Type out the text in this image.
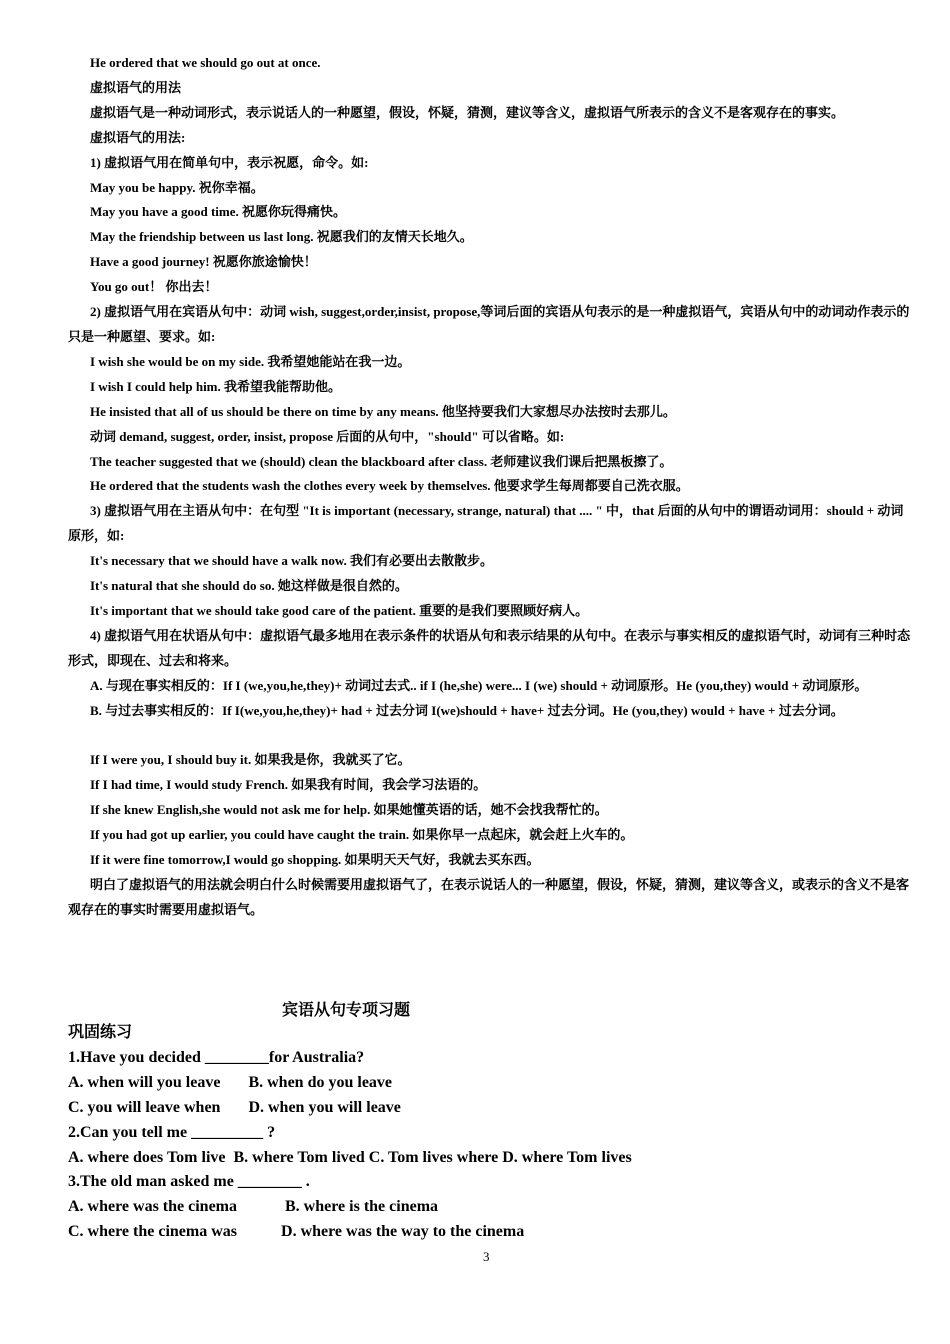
He ordered that we should go out at once.

虚拟语气的用法

虚拟语气是一种动词形式，表示说话人的一种愿望，假设，怀疑，猜测，建议等含义，虚拟语气所表示的含义不是客观存在的事实。

虚拟语气的用法:

1) 虚拟语气用在简单句中，表示祝愿，命令。如:

May you be happy. 祝你幸福。

May you have a good time. 祝愿你玩得痛快。

May the friendship between us last long. 祝愿我们的友情天长地久。

Have a good journey! 祝愿你旅途愉快！

You go out！ 你出去！

2) 虚拟语气用在宾语从句中：动词 wish, suggest,order,insist, propose,等词后面的宾语从句表示的是一种虚拟语气，宾语从句中的动词动作表示的只是一种愿望、要求。如:

I wish she would be on my side. 我希望她能站在我一边。

I wish I could help him. 我希望我能帮助他。

He insisted that all of us should be there on time by any means. 他坚持要我们大家想尽办法按时去那儿。

动词 demand, suggest, order, insist, propose 后面的从句中，"should" 可以省略。如:

The teacher suggested that we (should) clean the blackboard after class. 老师建议我们课后把黑板擦了。

He ordered that the students wash the clothes every week by themselves. 他要求学生每周都要自己洗衣服。

3) 虚拟语气用在主语从句中：在句型 "It is important (necessary, strange, natural) that .... " 中，that 后面的从句中的谓语动词用：should + 动词原形，如:

It's necessary that we should have a walk now. 我们有必要出去散散步。

It's natural that she should do so. 她这样做是很自然的。

It's important that we should take good care of the patient. 重要的是我们要照顾好病人。

4) 虚拟语气用在状语从句中：虚拟语气最多地用在表示条件的状语从句和表示结果的从句中。在表示与事实相反的虚拟语气时，动词有三种时态形式，即现在、过去和将来。

A. 与现在事实相反的：If I (we,you,he,they)+ 动词过去式.. if I (he,she) were... I (we) should + 动词原形。He (you,they) would + 动词原形。

B. 与过去事实相反的：If I(we,you,he,they)+ had + 过去分词 I(we)should + have+ 过去分词。He (you,they) would + have + 过去分词。

If I were you, I should buy it. 如果我是你，我就买了它。

If I had time, I would study French. 如果我有时间，我会学习法语的。

If she knew English,she would not ask me for help. 如果她懂英语的话，她不会找我帮忙的。

If you had got up earlier, you could have caught the train. 如果你早一点起床，就会赶上火车的。

If it were fine tomorrow,I would go shopping. 如果明天天气好，我就去买东西。

明白了虚拟语气的用法就会明白什么时候需要用虚拟语气了，在表示说话人的一种愿望，假设，怀疑，猜测，建议等含义，或表示的含义不是客观存在的事实时需要用虚拟语气。

宾语从句专项习题

巩固练习

1.Have you decided ________for Australia?

A. when will you leave       B. when do you leave

C. you will leave when       D. when you will leave

2.Can you tell me _________ ?

A. where does Tom live  B. where Tom lived C. Tom lives where D. where Tom lives

3.The old man asked me ________ .

A. where was the cinema            B. where is the cinema

C. where the cinema was           D. where was the way to the cinema

3
